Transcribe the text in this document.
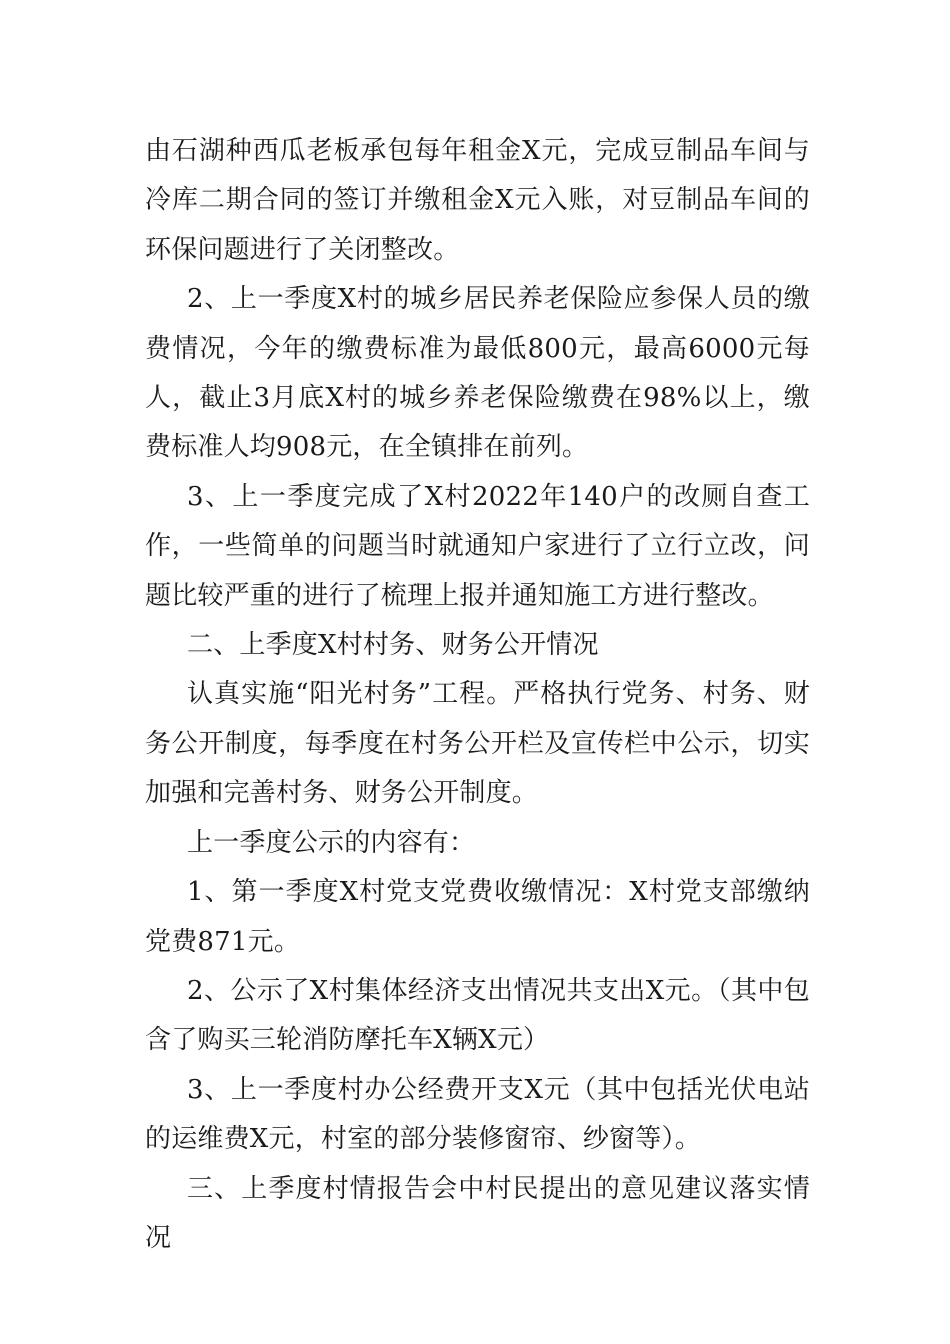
由石湖种西瓜老板承包每年租金X元，完成豆制品车间与冷库二期合同的签订并缴租金X元入账，对豆制品车间的环保问题进行了关闭整改。

2、上一季度X村的城乡居民养老保险应参保人员的缴费情况，今年的缴费标准为最低800元，最高6000元每人，截止3月底X村的城乡养老保险缴费在98%以上，缴费标准人均908元，在全镇排在前列。

3、上一季度完成了X村2022年140户的改厕自查工作，一些简单的问题当时就通知户家进行了立行立改，问题比较严重的进行了梳理上报并通知施工方进行整改。

二、上季度X村村务、财务公开情况

认真实施“阳光村务”工程。严格执行党务、村务、财务公开制度，每季度在村务公开栏及宣传栏中公示，切实加强和完善村务、财务公开制度。

上一季度公示的内容有：

1、第一季度X村党支党费收缴情况：X村党支部缴纳党费871元。

2、公示了X村集体经济支出情况共支出X元。（其中包含了购买三轮消防摩托车X辆X元）

3、上一季度村办公经费开支X元（其中包括光伏电站的运维费X元，村室的部分装修窗帘、纱窗等）。

三、上季度村情报告会中村民提出的意见建议落实情况
